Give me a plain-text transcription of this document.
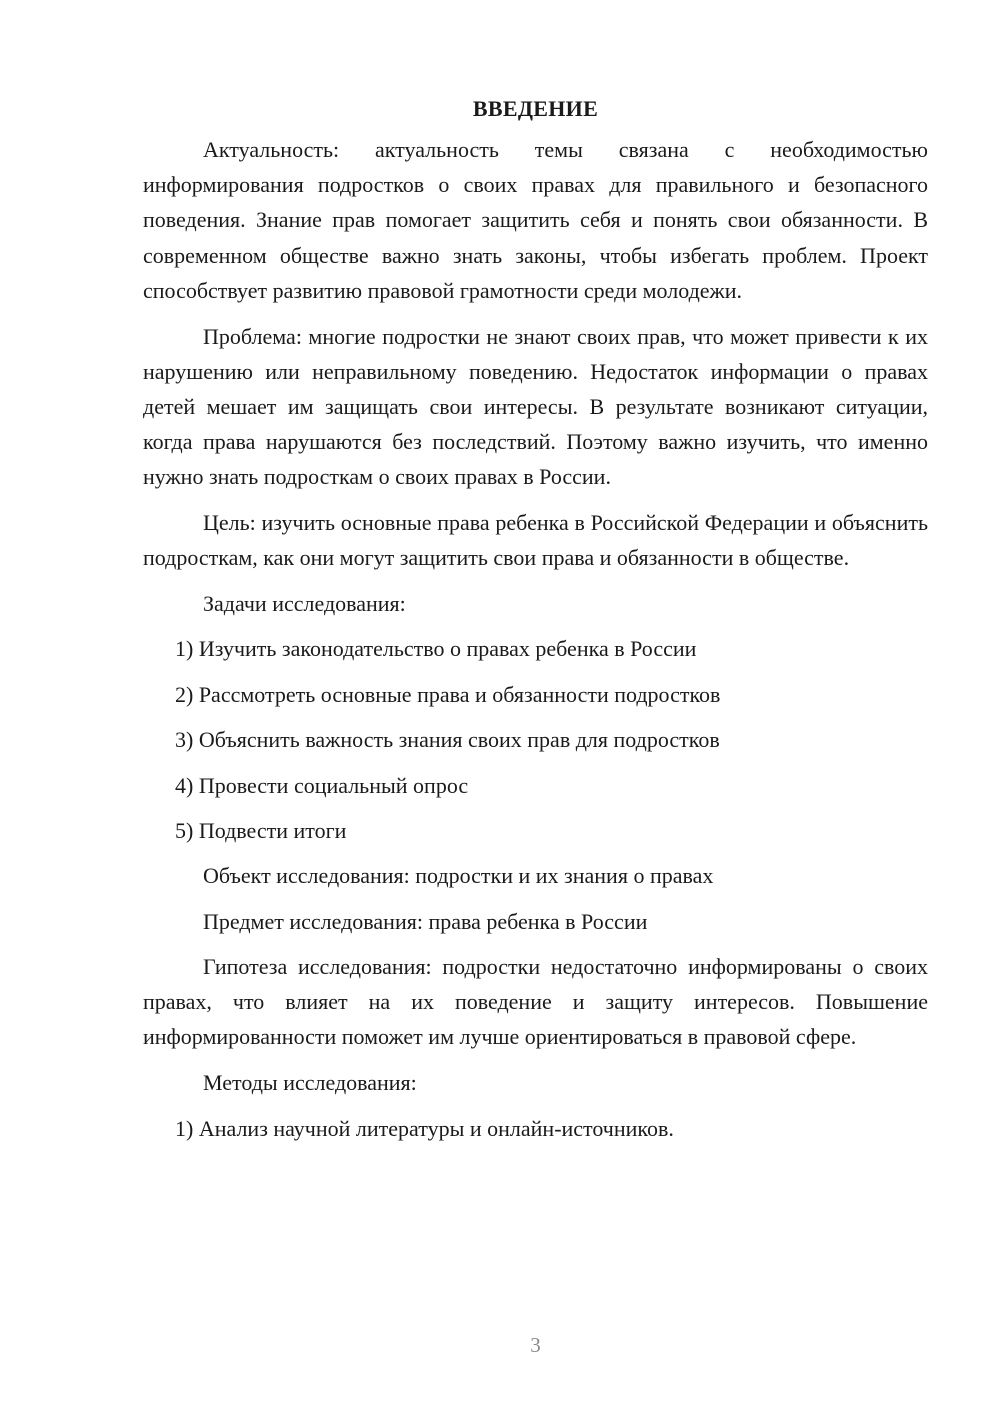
ВВЕДЕНИЕ

Актуальность: актуальность темы связана с необходимостью информирования подростков о своих правах для правильного и безопасного поведения. Знание прав помогает защитить себя и понять свои обязанности. В современном обществе важно знать законы, чтобы избегать проблем. Проект способствует развитию правовой грамотности среди молодежи.

Проблема: многие подростки не знают своих прав, что может привести к их нарушению или неправильному поведению. Недостаток информации о правах детей мешает им защищать свои интересы. В результате возникают ситуации, когда права нарушаются без последствий. Поэтому важно изучить, что именно нужно знать подросткам о своих правах в России.

Цель: изучить основные права ребенка в Российской Федерации и объяснить подросткам, как они могут защитить свои права и обязанности в обществе.

Задачи исследования:
1) Изучить законодательство о правах ребенка в России
2) Рассмотреть основные права и обязанности подростков
3) Объяснить важность знания своих прав для подростков
4) Провести социальный опрос
5) Подвести итоги
Объект исследования: подростки и их знания о правах
Предмет исследования: права ребенка в России

Гипотеза исследования: подростки недостаточно информированы о своих правах, что влияет на их поведение и защиту интересов. Повышение информированности поможет им лучше ориентироваться в правовой сфере.

Методы исследования:
1) Анализ научной литературы и онлайн-источников.
3
